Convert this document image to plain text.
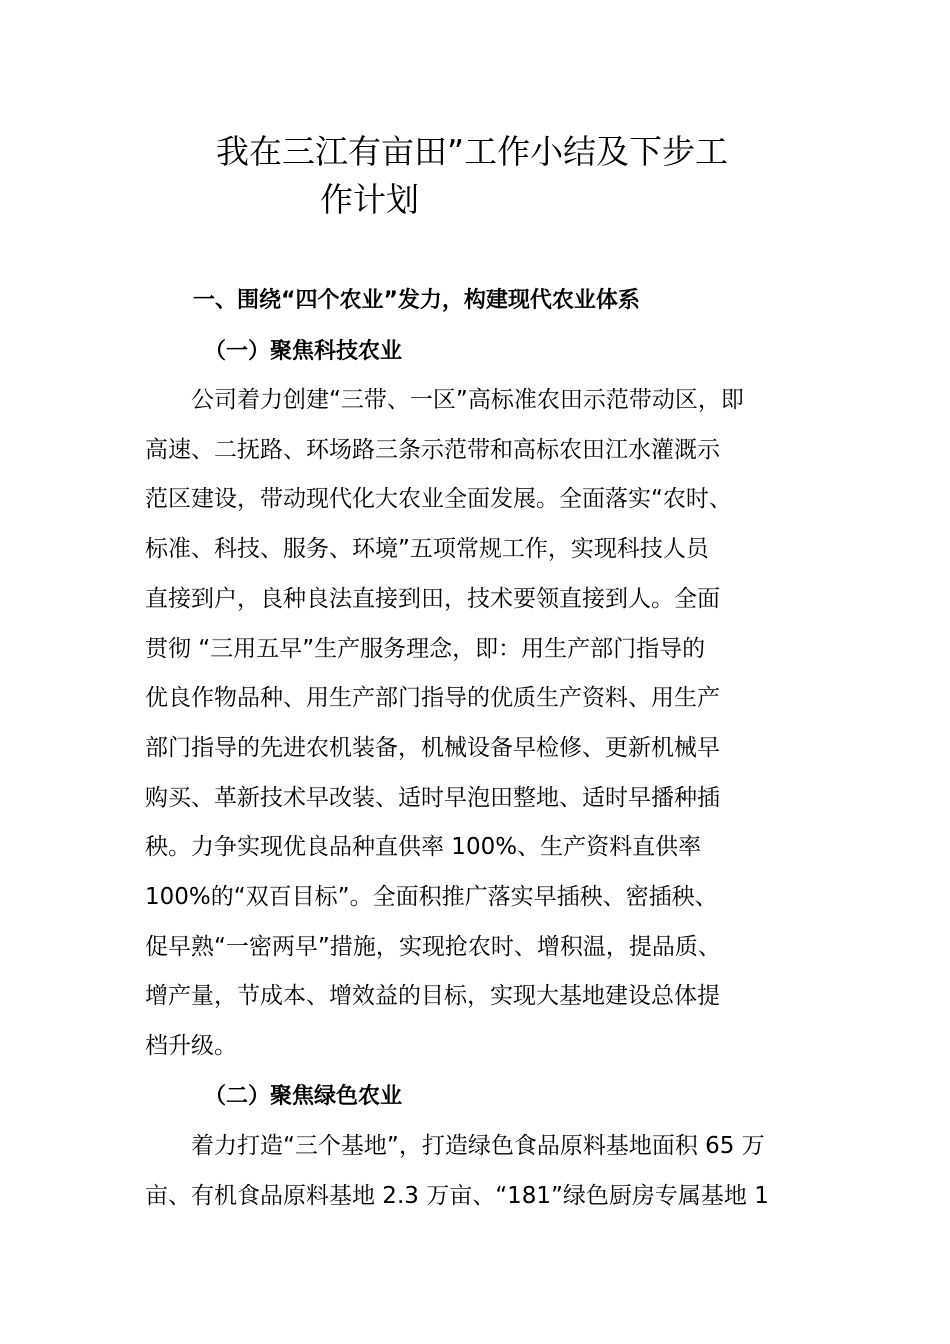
我在三江有亩田”工作小结及下步工
作计划
一、围绕“四个农业”发力，构建现代农业体系
（一）聚焦科技农业
公司着力创建“三带、一区”高标准农田示范带动区，即
高速、二抚路、环场路三条示范带和高标农田江水灌溉示
范区建设，带动现代化大农业全面发展。全面落实“农时、
标准、科技、服务、环境”五项常规工作，实现科技人员
直接到户，良种良法直接到田，技术要领直接到人。全面
贯彻 “三用五早”生产服务理念，即：用生产部门指导的
优良作物品种、用生产部门指导的优质生产资料、用生产
部门指导的先进农机装备，机械设备早检修、更新机械早
购买、革新技术早改装、适时早泡田整地、适时早播种插
秧。力争实现优良品种直供率 100%、生产资料直供率
100%的“双百目标”。全面积推广落实早插秧、密插秧、
促早熟“一密两早”措施，实现抢农时、增积温，提品质、
增产量，节成本、增效益的目标，实现大基地建设总体提
档升级。
（二）聚焦绿色农业
着力打造“三个基地”，打造绿色食品原料基地面积 65 万
亩、有机食品原料基地 2.3 万亩、“181”绿色厨房专属基地 1
